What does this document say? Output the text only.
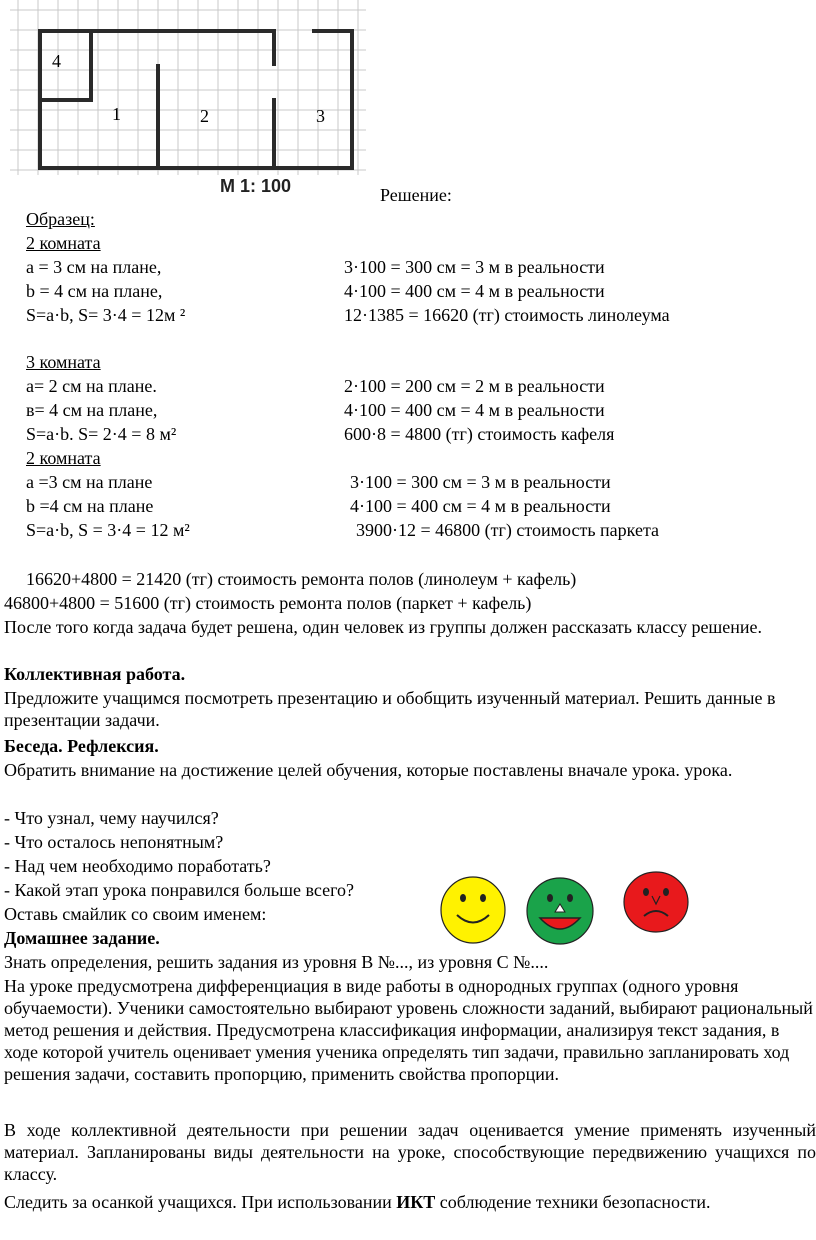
4
1	2	3
М 1: 100	Решение:
Образец:
2 комната
a = 3 см на плане,	3·100 = 300 см = 3 м в реальности
b = 4 см на плане,	4·100 = 400 см = 4 м в реальности
S=a·b, S= 3·4 = 12м ²	12·1385 = 16620 (тг) стоимость линолеума
3 комната
a= 2 см на плане.	2·100 = 200 см = 2 м в реальности
в= 4 см на плане,	4·100 = 400 см = 4 м в реальности
S=a·b. S= 2·4 = 8 м²	600·8 = 4800 (тг) стоимость кафеля
2 комната
a =3 см на плане	3·100 = 300 см = 3 м в реальности
b =4 см на плане	4·100 = 400 см = 4 м в реальности
S=a·b, S = 3·4 = 12 м²	3900·12 = 46800 (тг) стоимость паркета
16620+4800 = 21420 (тг) стоимость ремонта полов (линолеум + кафель)
46800+4800 = 51600 (тг) стоимость ремонта полов (паркет + кафель)
После того когда задача будет решена, один человек из группы должен рассказать классу решение.
Коллективная работа.
Предложите учащимся посмотреть презентацию и обобщить изученный материал. Решить данные в презентации задачи.
Беседа. Рефлексия.
Обратить внимание на достижение целей обучения, которые поставлены вначале урока. урока.
- Что узнал, чему научился?
- Что осталось непонятным?
- Над чем необходимо поработать?
- Какой этап урока понравился больше всего?
Оставь смайлик со своим именем:
Домашнее задание.
Знать определения, решить задания из уровня В №..., из уровня С №....
На уроке предусмотрена дифференциация в виде работы в однородных группах (одного уровня обучаемости). Ученики самостоятельно выбирают уровень сложности заданий, выбирают рациональный метод решения и действия. Предусмотрена классификация информации, анализируя текст задания, в ходе которой учитель оценивает умения ученика определять тип задачи, правильно запланировать ход решения задачи, составить пропорцию, применить свойства пропорции.
В ходе коллективной деятельности при решении задач оценивается умение применять изученный материал. Запланированы виды деятельности на уроке, способствующие передвижению учащихся по классу.
Следить за осанкой учащихся. При использовании ИКТ соблюдение техники безопасности.
